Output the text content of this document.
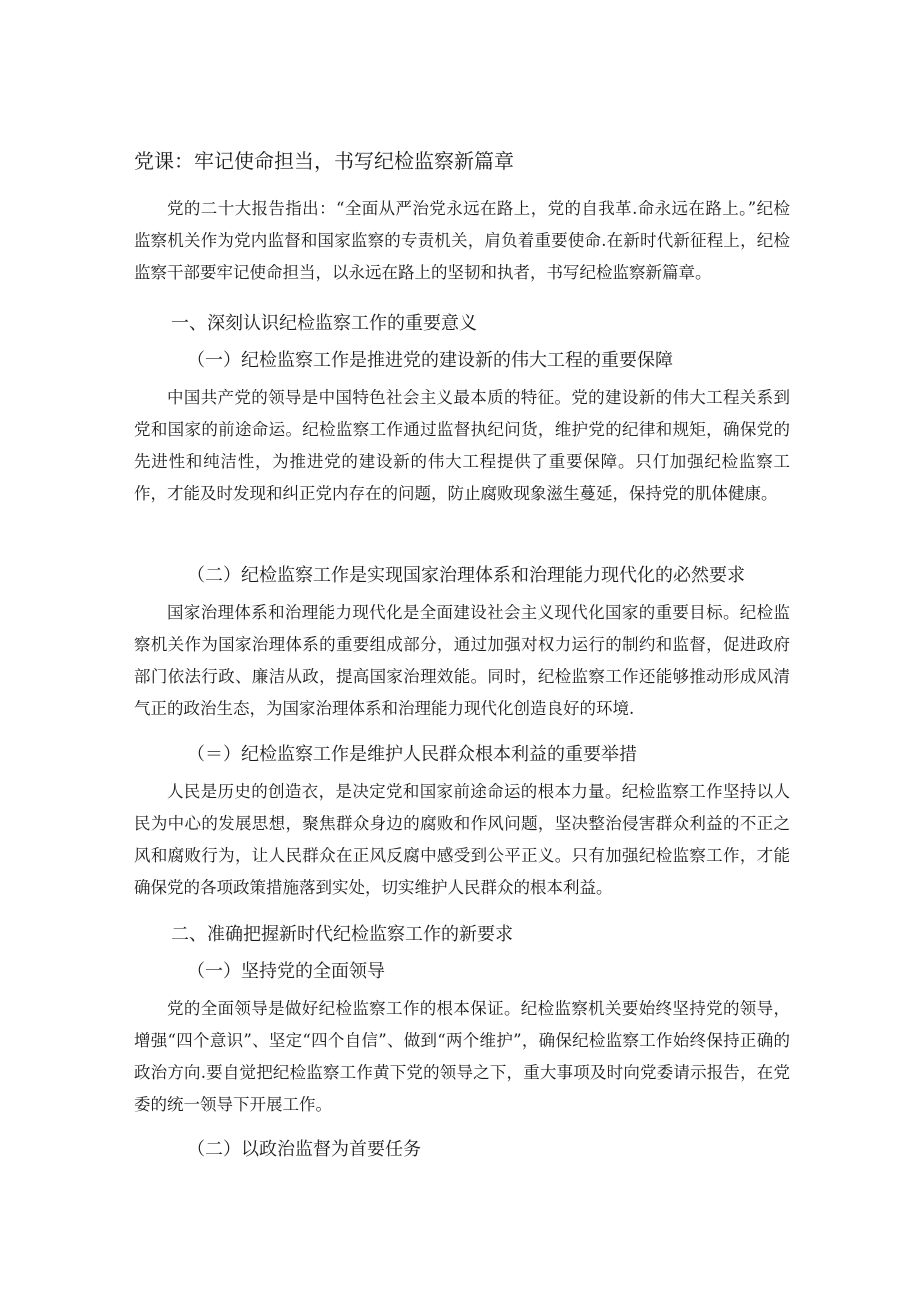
党课：牢记使命担当，书写纪检监察新篇章

党的二十大报告指出：“全面从严治党永远在路上，党的自我革.命永远在路上。”纪检监察机关作为党内监督和国家监察的专责机关，肩负着重要使命.在新时代新征程上，纪检监察干部要牢记使命担当，以永远在路上的坚韧和执者，书写纪检监察新篇章。

一、深刻认识纪检监察工作的重要意义
（一）纪检监察工作是推进党的建设新的伟大工程的重要保障

中国共产党的领导是中国特色社会主义最本质的特征。党的建设新的伟大工程关系到党和国家的前途命运。纪检监察工作通过监督执纪问货，维护党的纪律和规矩，确保党的先进性和纯洁性，为推进党的建设新的伟大工程提供了重要保障。只仃加强纪检监察工作，才能及时发现和纠正党内存在的问题，防止腐败现象滋生蔓延，保持党的肌体健康。

（二）纪检监察工作是实现国家治理体系和治理能力现代化的必然要求

国家治理体系和治理能力现代化是全面建设社会主义现代化国家的重要目标。纪检监察机关作为国家治理体系的重要组成部分，通过加强对权力运行的制约和监督，促进政府部门依法行政、廉洁从政，提高国家治理效能。同时，纪检监察工作还能够推动形成风清气正的政治生态，为国家治理体系和治理能力现代化创造良好的环境.

（＝）纪检监察工作是维护人民群众根本利益的重要举措

人民是历史的创造衣，是决定党和国家前途命运的根本力量。纪检监察工作坚持以人民为中心的发展思想，聚焦群众身边的腐败和作风问题，坚决整治侵害群众利益的不正之风和腐败行为，让人民群众在正风反腐中感受到公平正义。只有加强纪检监察工作，才能确保党的各项政策措施落到实处，切实维护人民群众的根本利益。

二、准确把握新时代纪检监察工作的新要求
（一）坚持党的全面领导

党的全面领导是做好纪检监察工作的根本保证。纪检监察机关要始终坚持党的领导，增强“四个意识”、坚定“四个自信”、做到“两个维护”，确保纪检监察工作始终保持正确的政治方向.要自觉把纪检监察工作黄下党的领导之下，重大事项及时向党委请示报告，在党委的统一领导下开展工作。

（二）以政治监督为首要任务
